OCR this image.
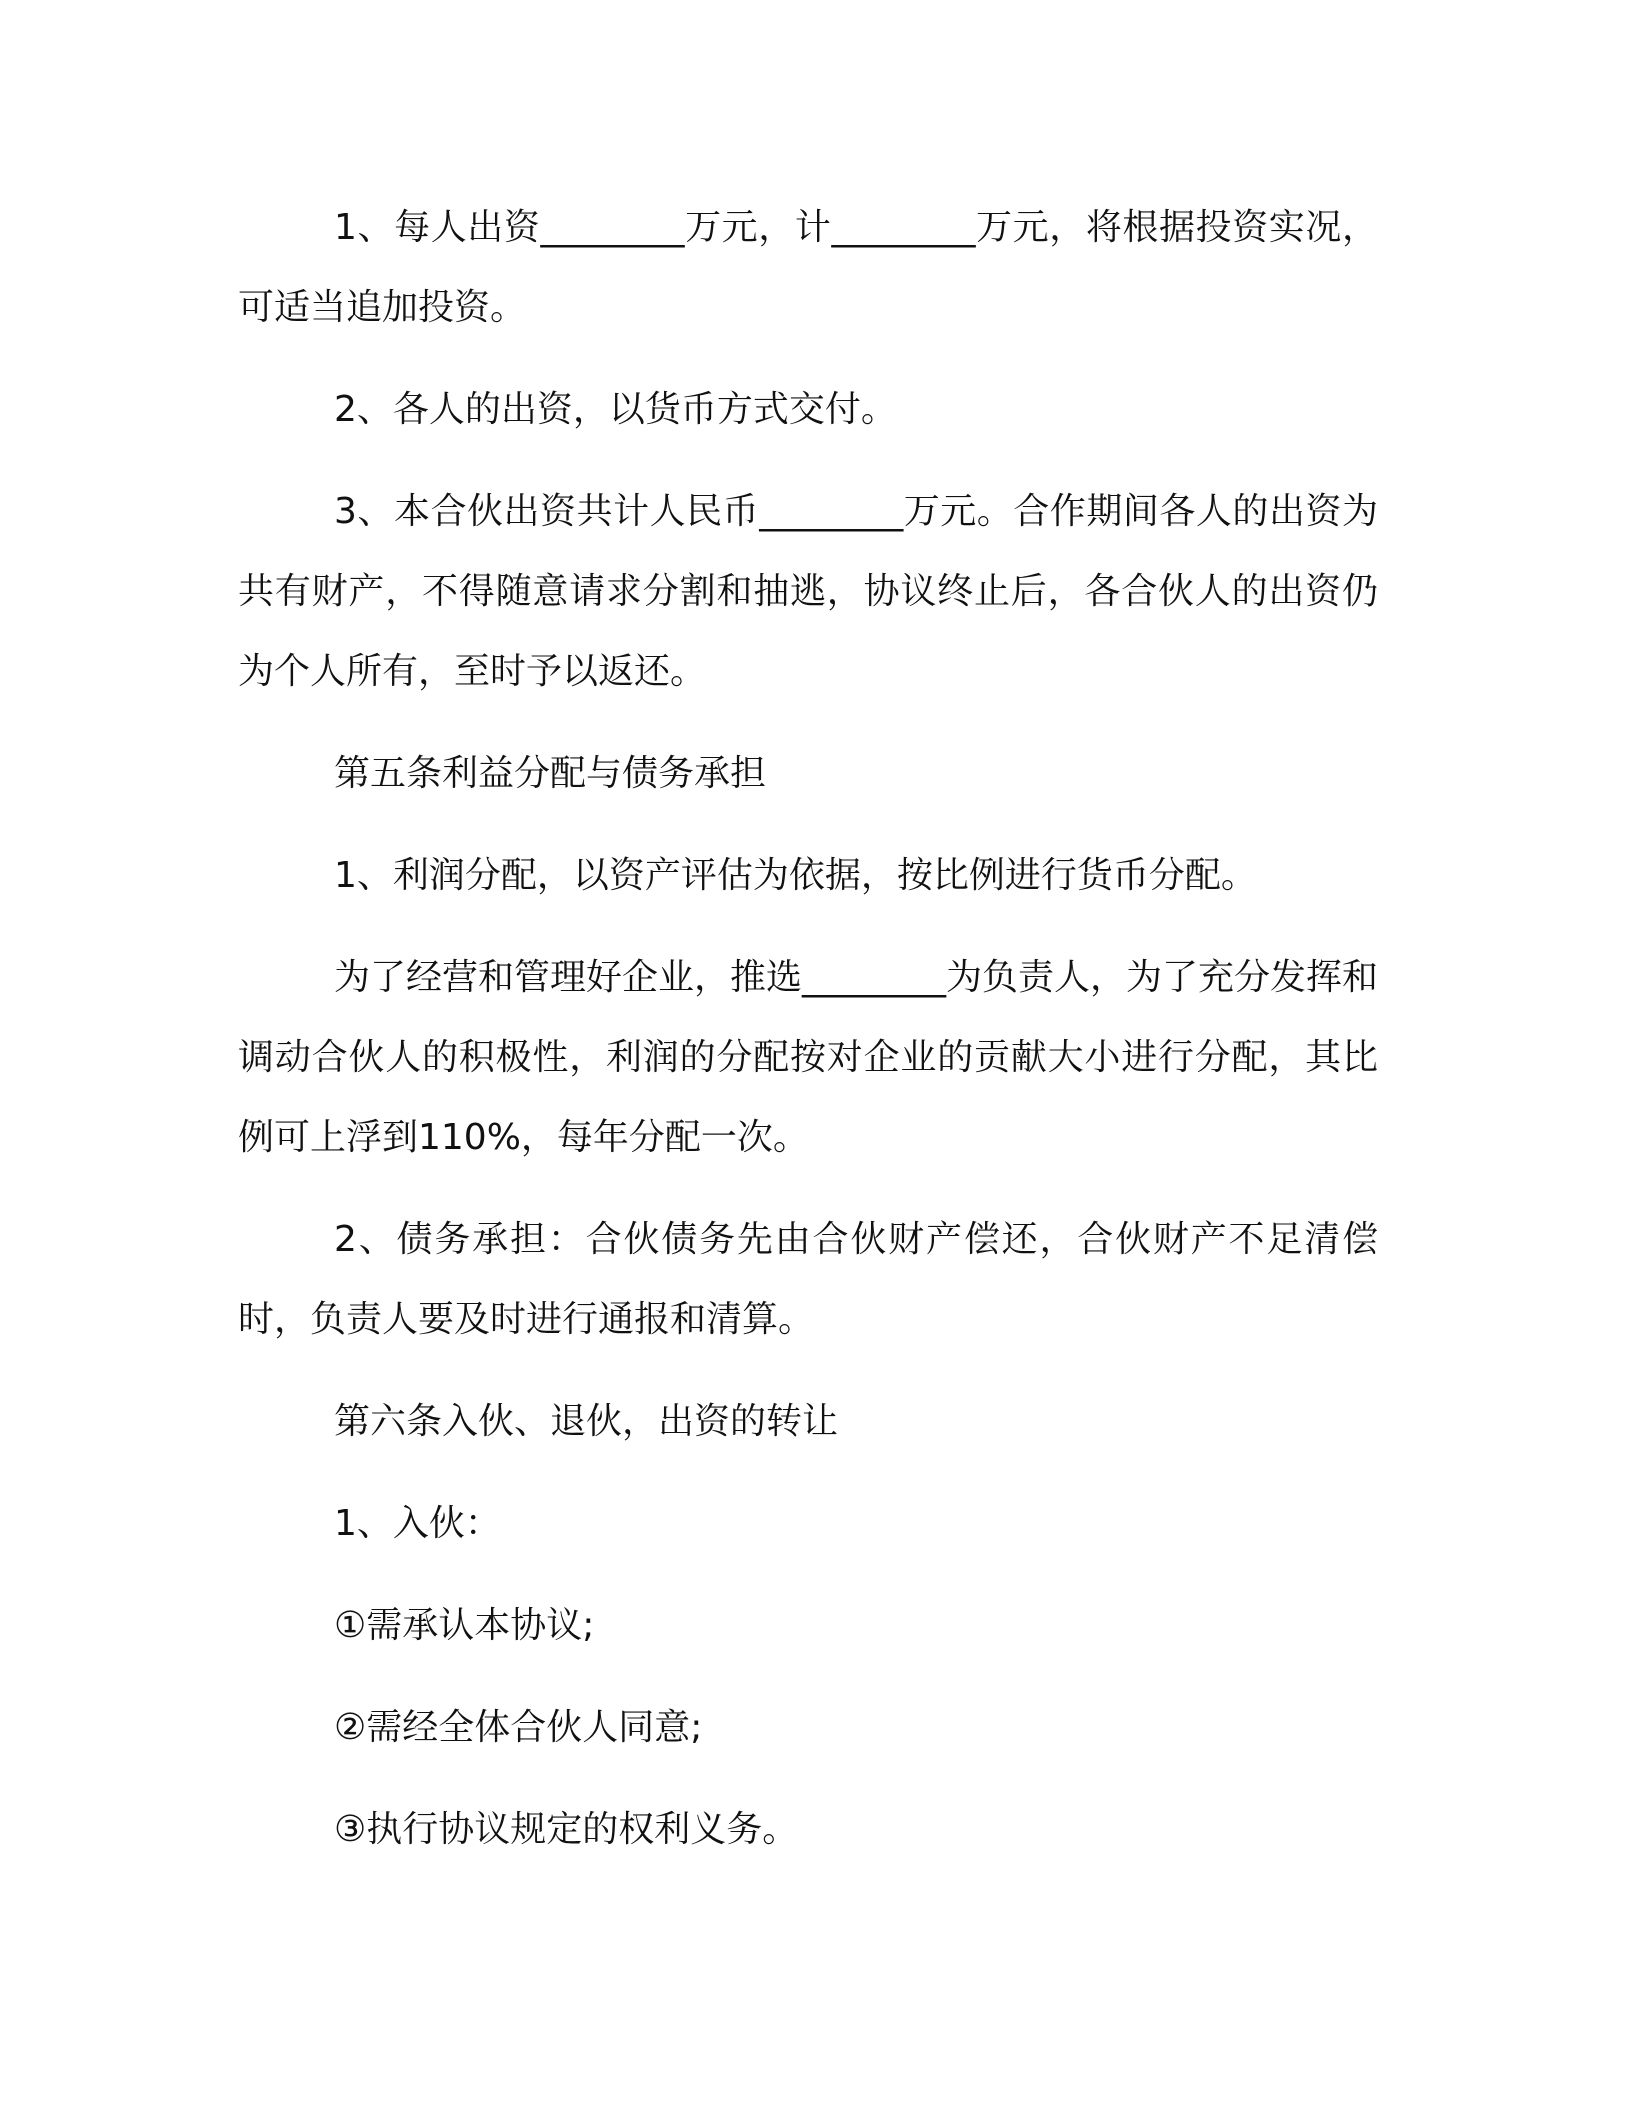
1、每人出资________万元，计________万元，将根据投资实况，可适当追加投资。

2、各人的出资，以货币方式交付。

3、本合伙出资共计人民币________万元。合作期间各人的出资为共有财产，不得随意请求分割和抽逃，协议终止后，各合伙人的出资仍为个人所有，至时予以返还。

第五条利益分配与债务承担

1、利润分配，以资产评估为依据，按比例进行货币分配。

为了经营和管理好企业，推选________为负责人，为了充分发挥和调动合伙人的积极性，利润的分配按对企业的贡献大小进行分配，其比例可上浮到110%，每年分配一次。

2、债务承担：合伙债务先由合伙财产偿还，合伙财产不足清偿时，负责人要及时进行通报和清算。

第六条入伙、退伙，出资的转让

1、入伙：

①需承认本协议;

②需经全体合伙人同意;

③执行协议规定的权利义务。
